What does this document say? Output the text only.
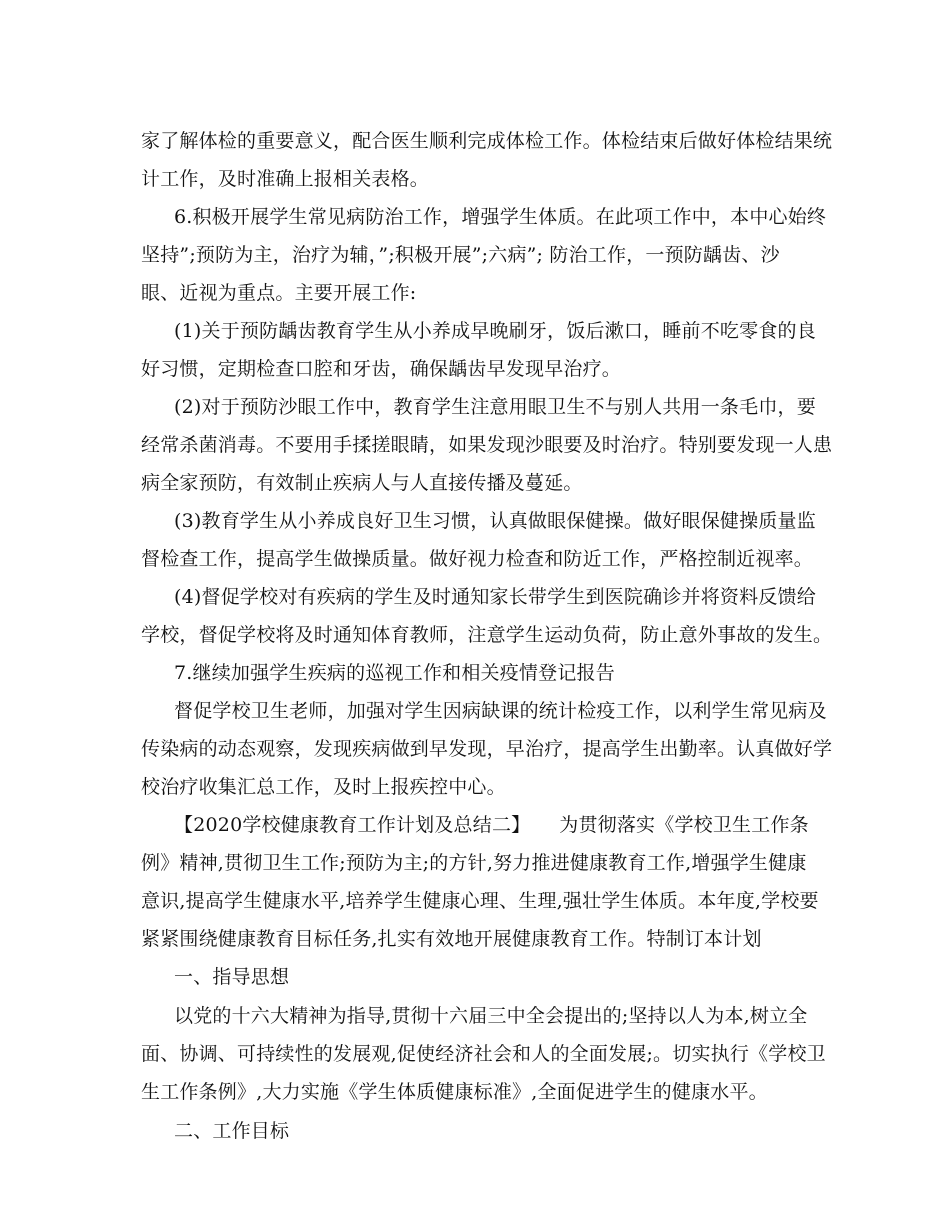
家了解体检的重要意义，配合医生顺利完成体检工作。体检结束后做好体检结果统
计工作，及时准确上报相关表格。
6.积极开展学生常见病防治工作，增强学生体质。在此项工作中，本中心始终
坚持”;预防为主，治疗为辅，”;积极开展”;六病”; 防治工作，一预防龋齿、沙
眼、近视为重点。主要开展工作:
(1)关于预防龋齿教育学生从小养成早晚刷牙，饭后漱口，睡前不吃零食的良
好习惯，定期检查口腔和牙齿，确保龋齿早发现早治疗。
(2)对于预防沙眼工作中，教育学生注意用眼卫生不与别人共用一条毛巾，要
经常杀菌消毒。不要用手揉搓眼睛，如果发现沙眼要及时治疗。特别要发现一人患
病全家预防，有效制止疾病人与人直接传播及蔓延。
(3)教育学生从小养成良好卫生习惯，认真做眼保健操。做好眼保健操质量监
督检查工作，提高学生做操质量。做好视力检查和防近工作，严格控制近视率。
(4)督促学校对有疾病的学生及时通知家长带学生到医院确诊并将资料反馈给
学校，督促学校将及时通知体育教师，注意学生运动负荷，防止意外事故的发生。
7.继续加强学生疾病的巡视工作和相关疫情登记报告
督促学校卫生老师，加强对学生因病缺课的统计检疫工作，以利学生常见病及
传染病的动态观察，发现疾病做到早发现，早治疗，提高学生出勤率。认真做好学
校治疗收集汇总工作，及时上报疾控中心。
【2020学校健康教育工作计划及总结二】　　为贯彻落实《学校卫生工作条
例》精神,贯彻卫生工作;预防为主;的方针,努力推进健康教育工作,增强学生健康
意识,提高学生健康水平,培养学生健康心理、生理,强壮学生体质。本年度,学校要
紧紧围绕健康教育目标任务,扎实有效地开展健康教育工作。特制订本计划
一、指导思想
以党的十六大精神为指导,贯彻十六届三中全会提出的;坚持以人为本,树立全
面、协调、可持续性的发展观,促使经济社会和人的全面发展;。切实执行《学校卫
生工作条例》,大力实施《学生体质健康标准》,全面促进学生的健康水平。
二、工作目标
